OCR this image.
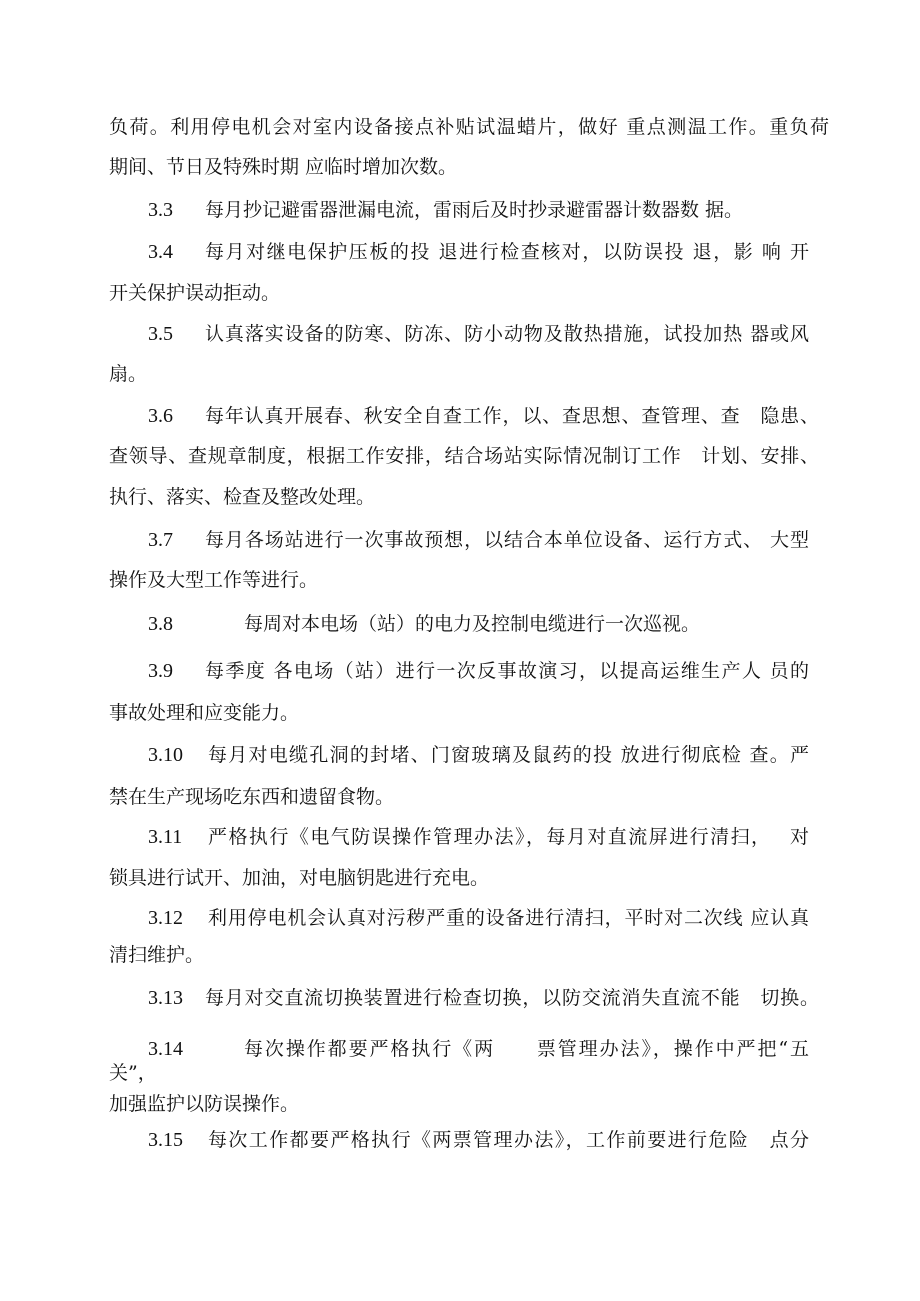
负荷。利用停电机会对室内设备接点补贴试温蜡片，做好 重点测温工作。重负荷

期间、节日及特殊时期 应临时增加次数。

3.3 每月抄记避雷器泄漏电流，雷雨后及时抄录避雷器计数器数 据。

3.4 每月对继电保护压板的投 退进行检查核对，以防误投 退，影 响 开

开关保护误动拒动。

3.5 认真落实设备的防寒、防冻、防小动物及散热措施，试投加热 器或风

扇。

3.6 每年认真开展春、秋安全自查工作，以、查思想、查管理、查　隐患、

查领导、查规章制度，根据工作安排，结合场站实际情况制订工作　计划、安排、

执行、落实、检查及整改处理。

3.7 每月各场站进行一次事故预想，以结合本单位设备、运行方式、 大型

操作及大型工作等进行。

3.8	每周对本电场（站）的电力及控制电缆进行一次巡视。

3.9 每季度 各电场（站）进行一次反事故演习，以提高运维生产人 员的

事故处理和应变能力。

3.10 每月对电缆孔洞的封堵、门窗玻璃及鼠药的投 放进行彻底检 查。严

禁在生产现场吃东西和遗留食物。

3.11 严格执行《电气防误操作管理办法》，每月对直流屏进行清扫，　 对

锁具进行试开、加油，对电脑钥匙进行充电。

3.12 利用停电机会认真对污秽严重的设备进行清扫，平时对二次线 应认真

清扫维护。

3.13 每月对交直流切换装置进行检查切换，以防交流消失直流不能　切换。

3.14	每次操作都要严格执行《两　　票管理办法》，操作中严把“五

关”，

加强监护以防误操作。

3.15 每次工作都要严格执行《两票管理办法》，工作前要进行危险　点分
